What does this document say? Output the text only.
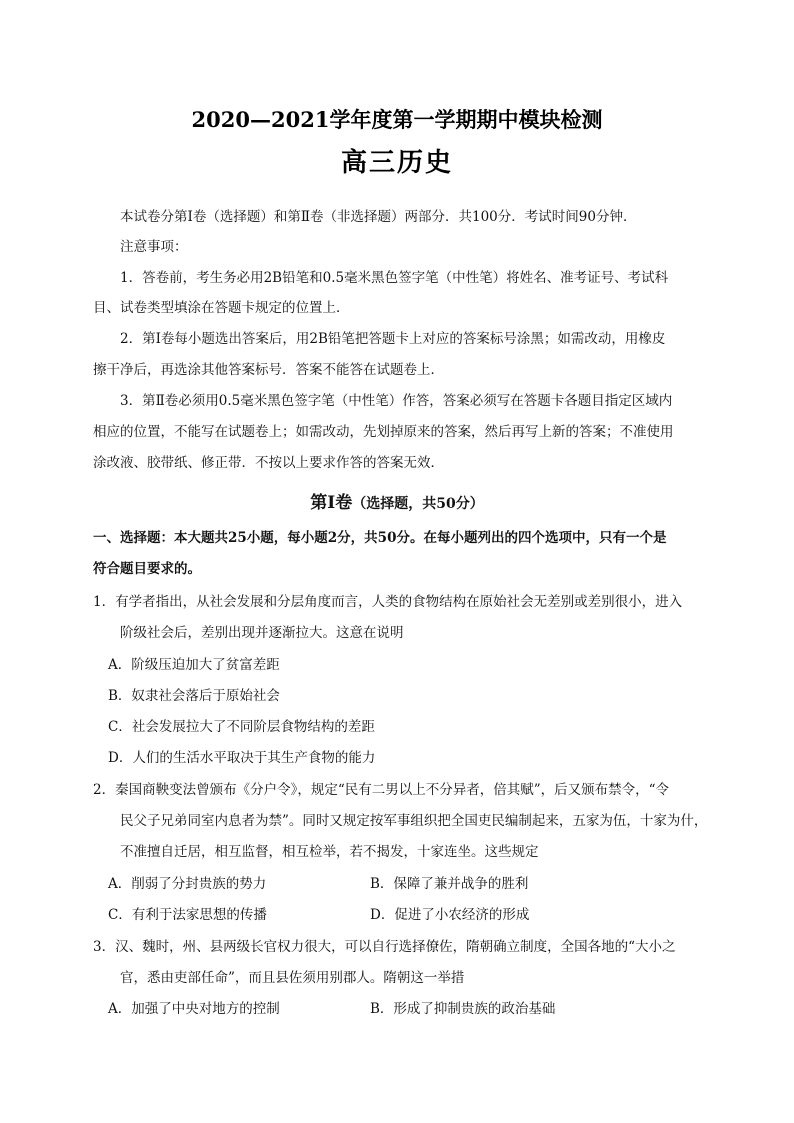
2020—2021学年度第一学期期中模块检测
高三历史
本试卷分第Ⅰ卷（选择题）和第Ⅱ卷（非选择题）两部分．共100分．考试时间90分钟．
注意事项：
1．答卷前，考生务必用2B铅笔和0.5毫米黑色签字笔（中性笔）将姓名、准考证号、考试科
目、试卷类型填涂在答题卡规定的位置上．
2．第Ⅰ卷每小题选出答案后，用2B铅笔把答题卡上对应的答案标号涂黑；如需改动，用橡皮
擦干净后，再选涂其他答案标号．答案不能答在试题卷上．
3．第Ⅱ卷必须用0.5毫米黑色签字笔（中性笔）作答，答案必须写在答题卡各题目指定区域内
相应的位置，不能写在试题卷上；如需改动，先划掉原来的答案，然后再写上新的答案；不准使用
涂改液、胶带纸、修正带．不按以上要求作答的答案无效．
第Ⅰ卷（选择题，共50分）
一、选择题：本大题共25小题，每小题2分，共50分。在每小题列出的四个选项中，只有一个是
符合题目要求的。
1．有学者指出，从社会发展和分层角度而言，人类的食物结构在原始社会无差别或差别很小，进入
阶级社会后，差别出现并逐渐拉大。这意在说明
A．阶级压迫加大了贫富差距
B．奴隶社会落后于原始社会
C．社会发展拉大了不同阶层食物结构的差距
D．人们的生活水平取决于其生产食物的能力
2．秦国商鞅变法曾颁布《分户令》，规定“民有二男以上不分异者，倍其赋”，后又颁布禁令，“令
民父子兄弟同室内息者为禁”。同时又规定按军事组织把全国吏民编制起来，五家为伍，十家为什，
不准擅自迁居，相互监督，相互检举，若不揭发，十家连坐。这些规定
A．削弱了分封贵族的势力	B．保障了兼并战争的胜利
C．有利于法家思想的传播	D．促进了小农经济的形成
3．汉、魏时，州、县两级长官权力很大，可以自行选择僚佐，隋朝确立制度，全国各地的“大小之
官，悉由吏部任命”，而且县佐须用别郡人。隋朝这一举措
A．加强了中央对地方的控制	B．形成了抑制贵族的政治基础
